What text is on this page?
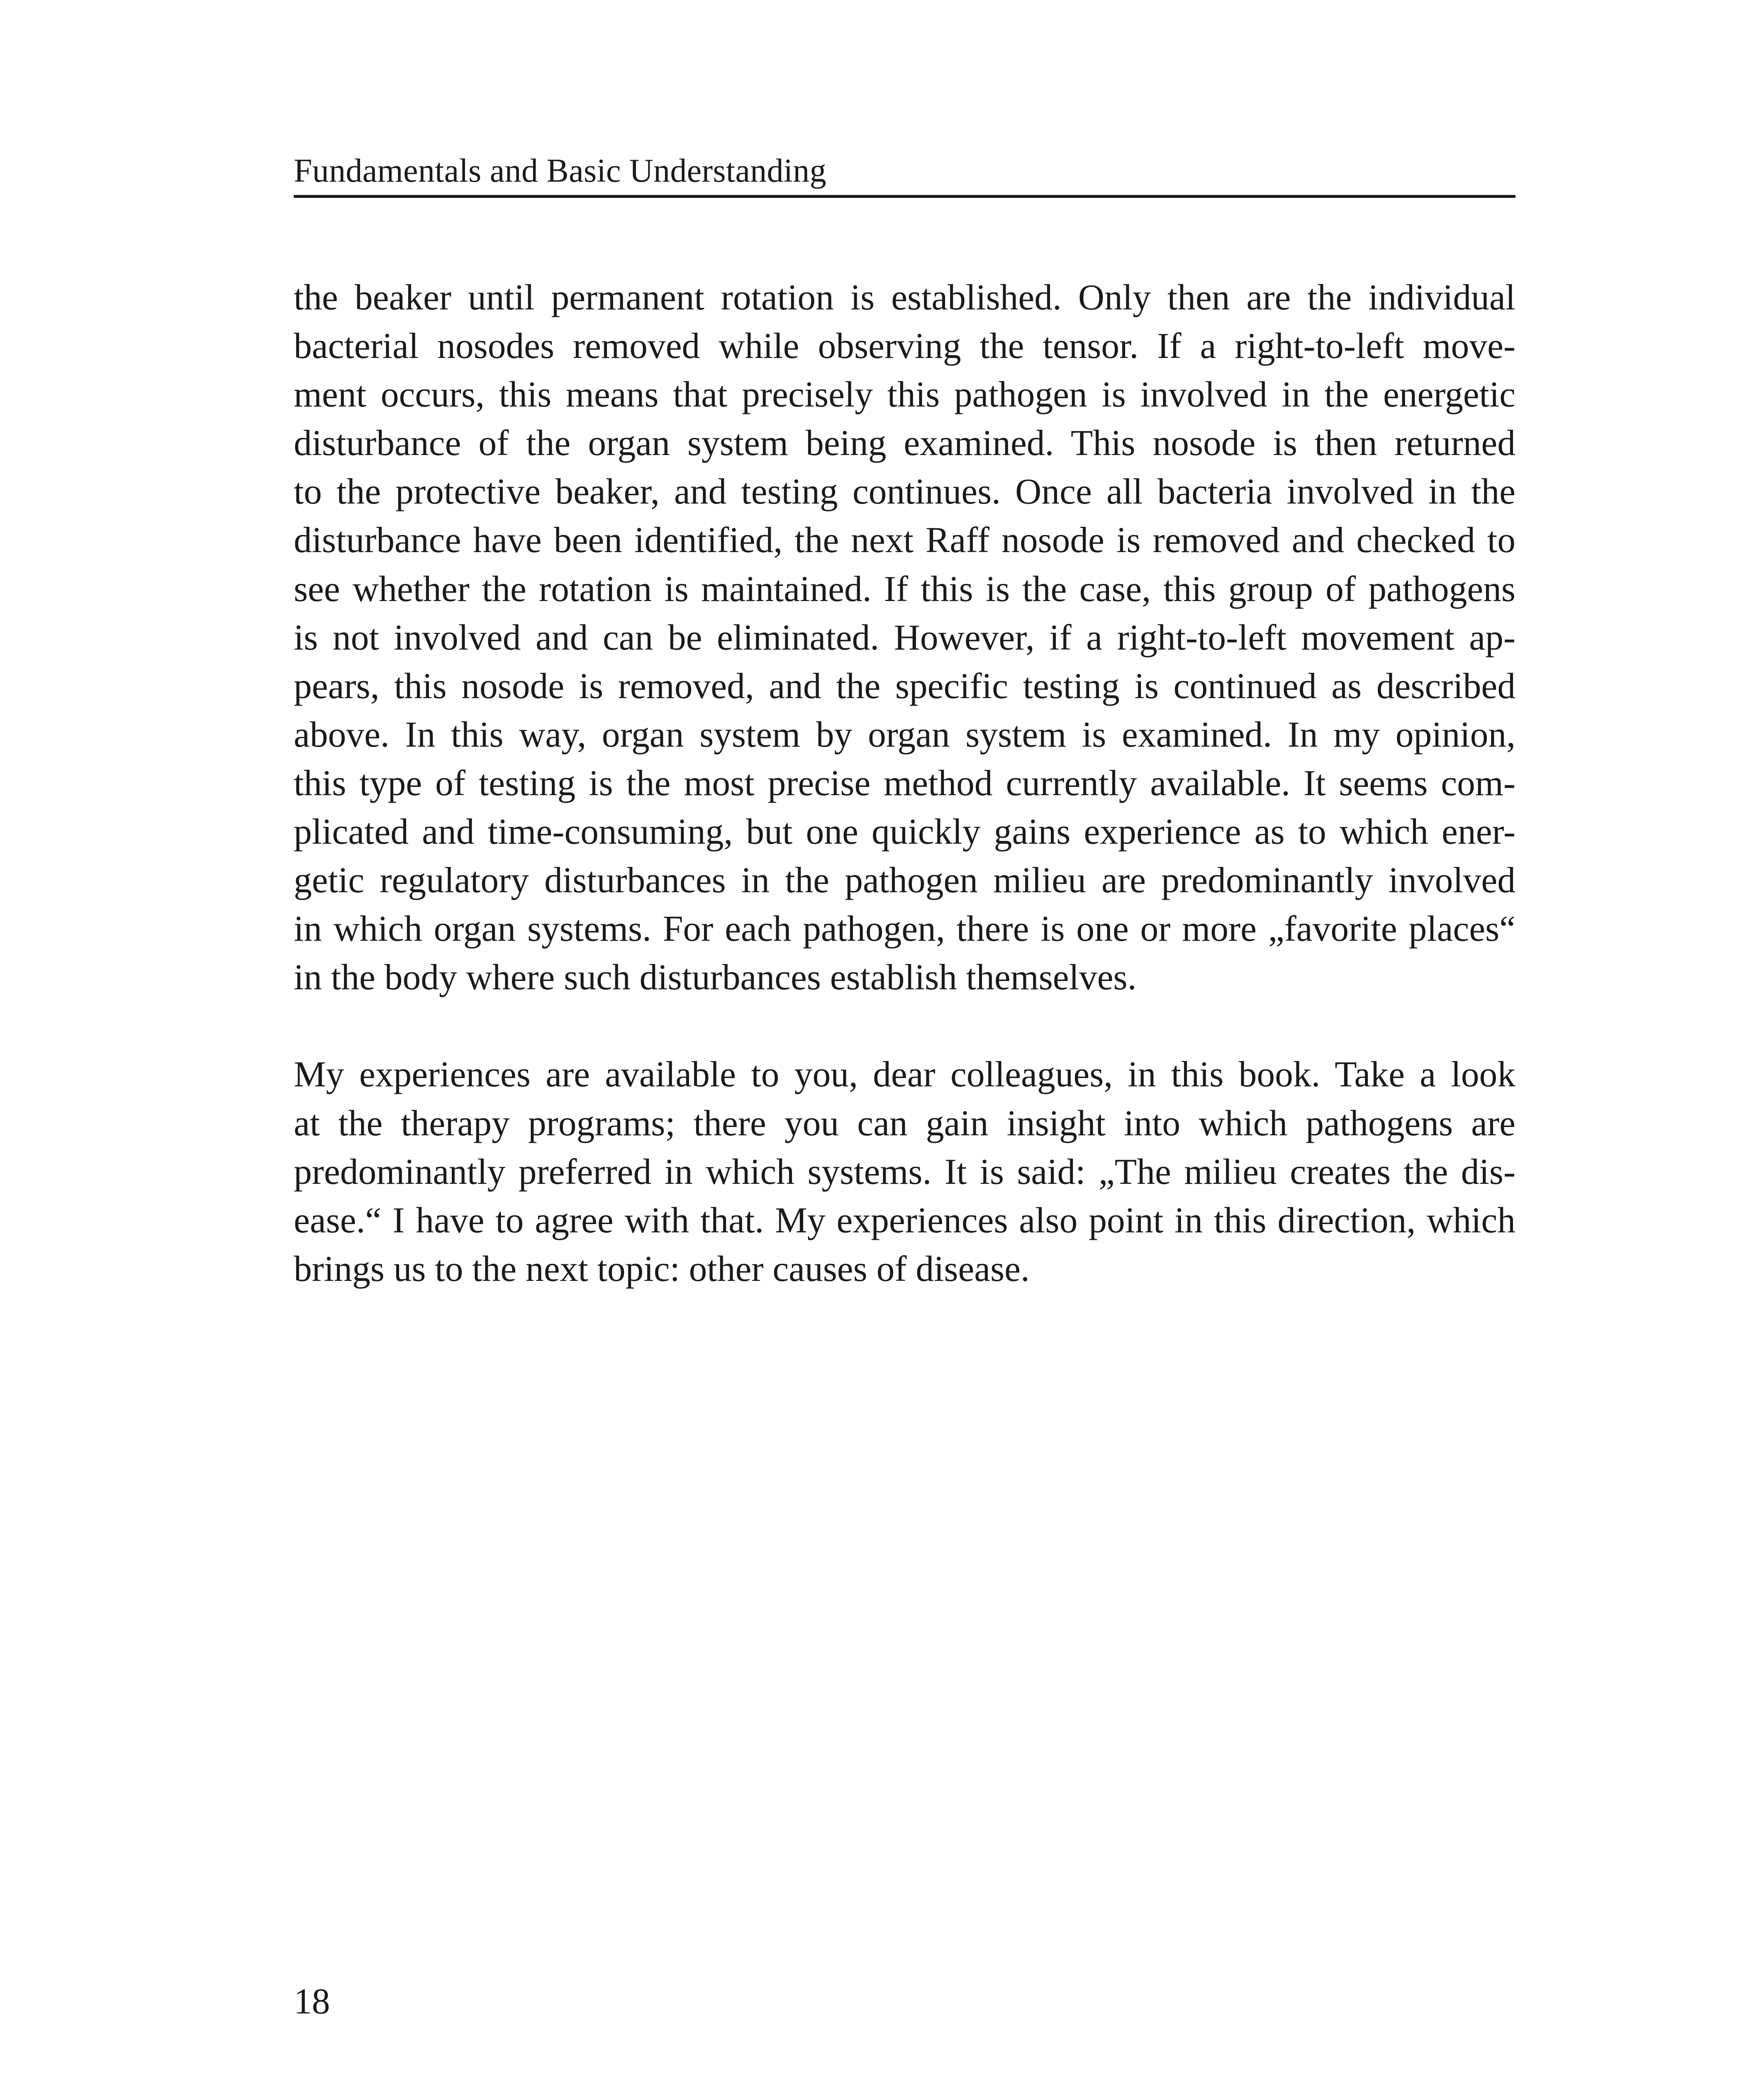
Fundamentals and Basic Understanding

the beaker until permanent rotation is established. Only then are the individual
bacterial nosodes removed while observing the tensor. If a right-to-left move-
ment occurs, this means that precisely this pathogen is involved in the energetic
disturbance of the organ system being examined. This nosode is then returned
to the protective beaker, and testing continues. Once all bacteria involved in the
disturbance have been identified, the next Raff nosode is removed and checked to
see whether the rotation is maintained. If this is the case, this group of pathogens
is not involved and can be eliminated. However, if a right-to-left movement ap-
pears, this nosode is removed, and the specific testing is continued as described
above. In this way, organ system by organ system is examined. In my opinion,
this type of testing is the most precise method currently available. It seems com-
plicated and time-consuming, but one quickly gains experience as to which ener-
getic regulatory disturbances in the pathogen milieu are predominantly involved
in which organ systems. For each pathogen, there is one or more „favorite places“
in the body where such disturbances establish themselves.

My experiences are available to you, dear colleagues, in this book. Take a look
at the therapy programs; there you can gain insight into which pathogens are
predominantly preferred in which systems. It is said: „The milieu creates the dis-
ease.“ I have to agree with that. My experiences also point in this direction, which
brings us to the next topic: other causes of disease.

18
